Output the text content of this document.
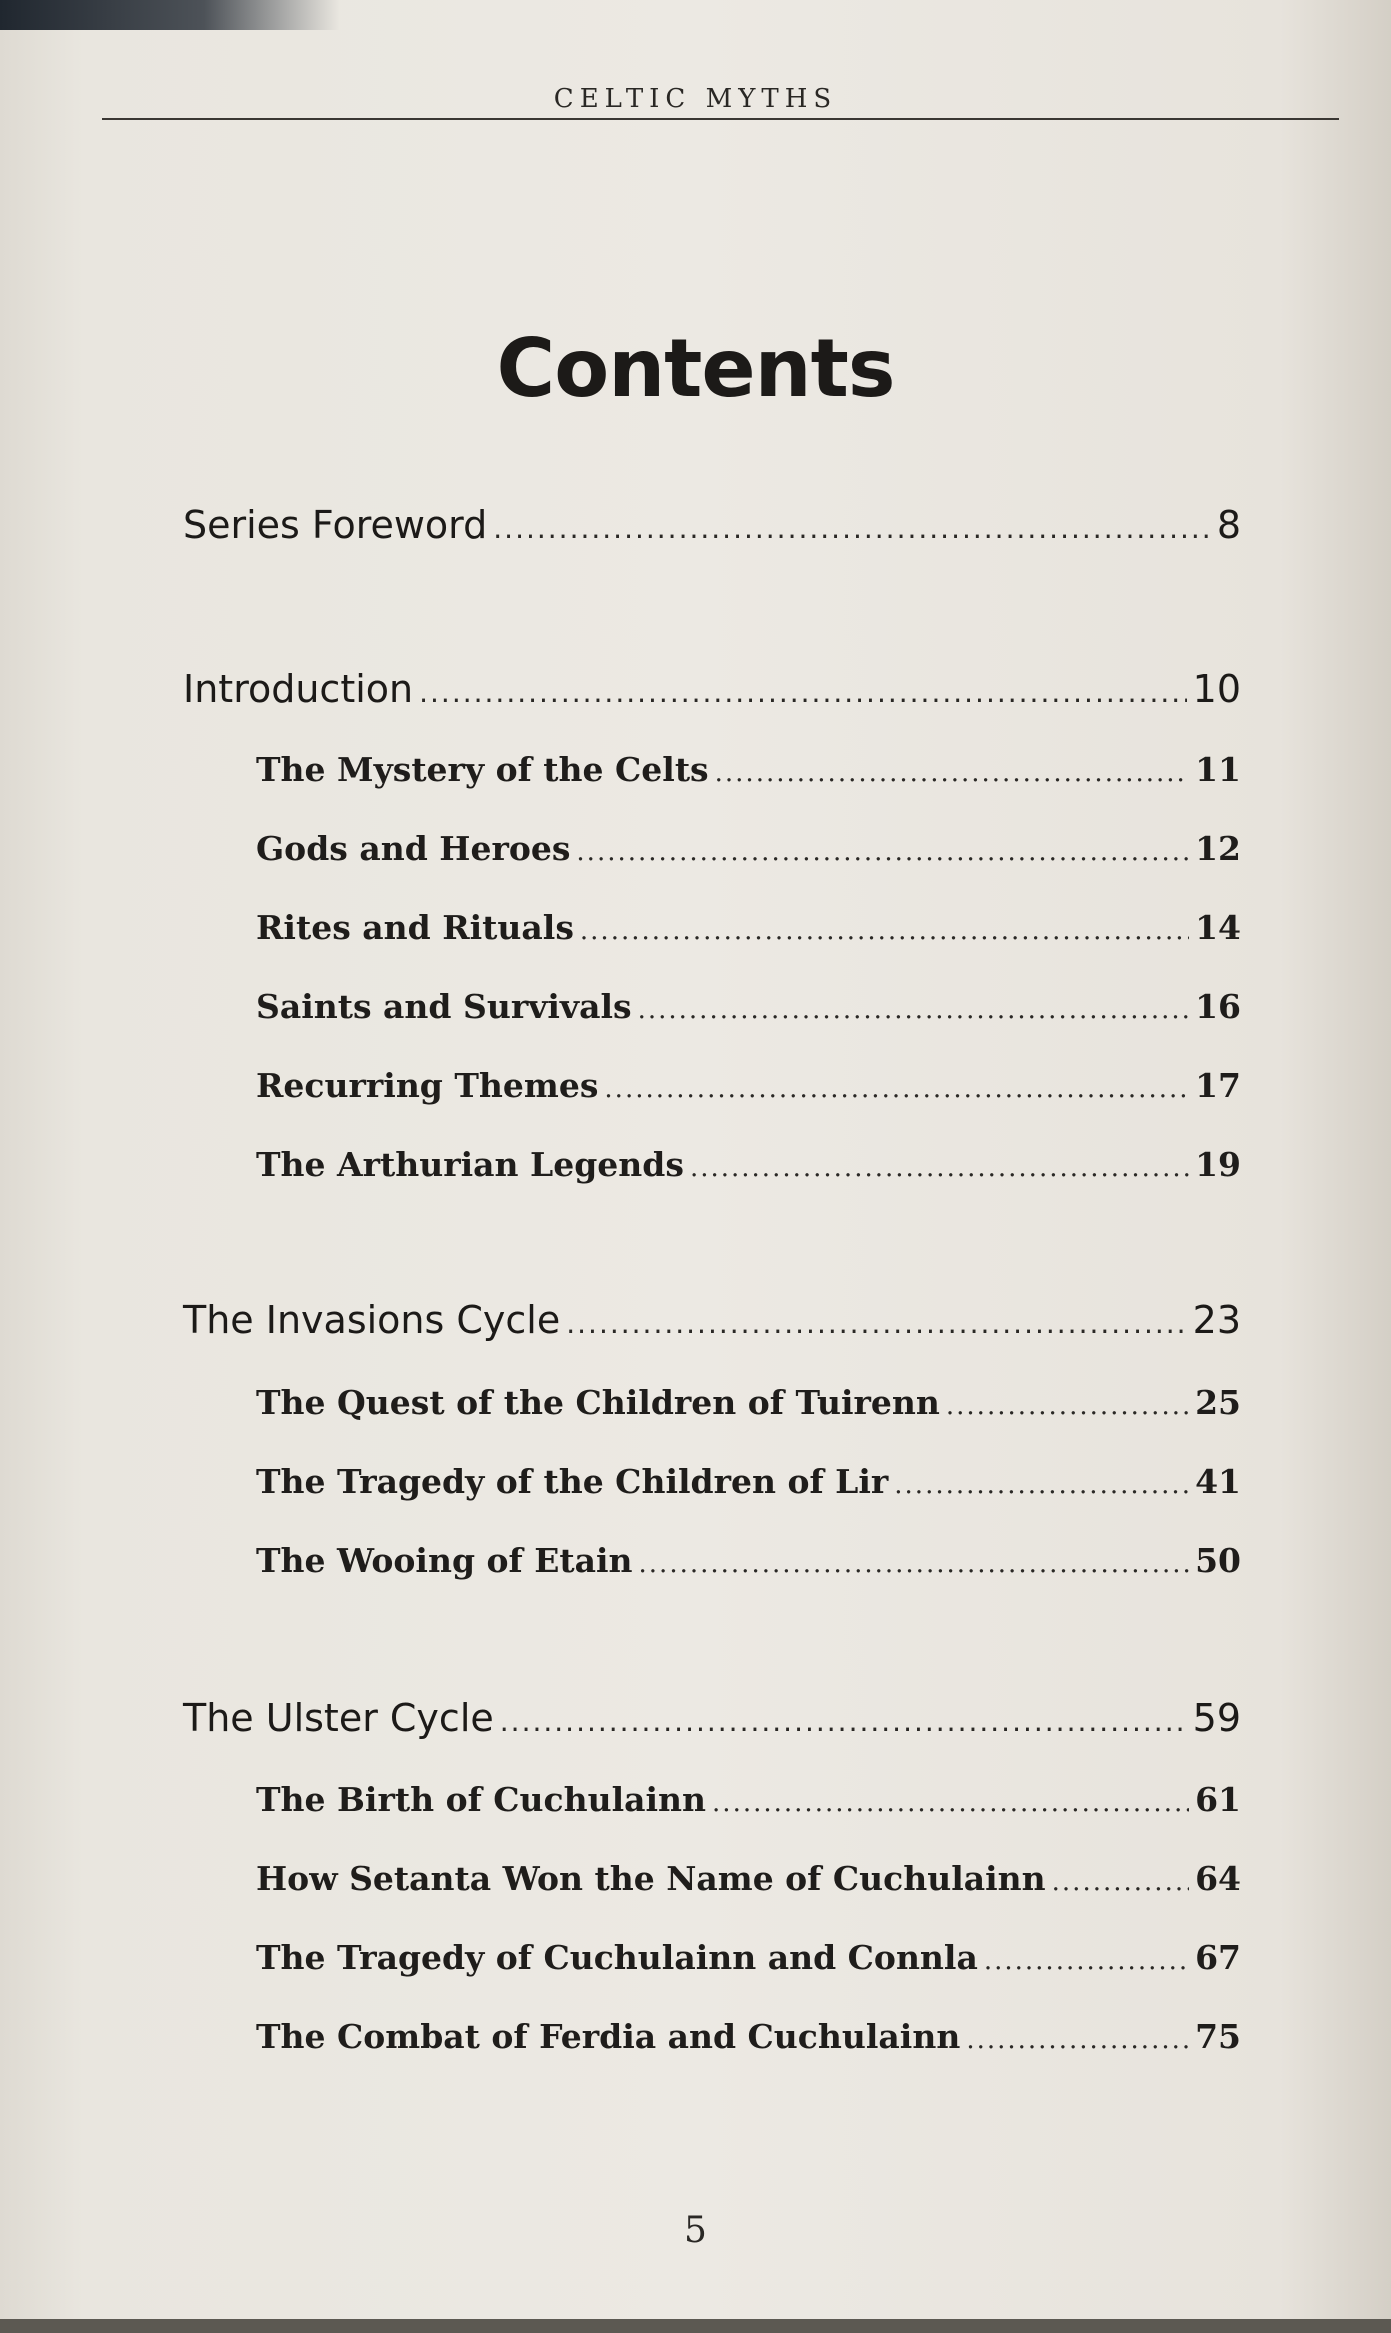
CELTIC MYTHS
Contents
Series Foreword .....	8
Introduction .....	10
The Mystery of the Celts .....	11
Gods and Heroes .....	12
Rites and Rituals .....	14
Saints and Survivals .....	16
Recurring Themes .....	17
The Arthurian Legends .....	19
The Invasions Cycle .....	23
The Quest of the Children of Tuirenn .....	25
The Tragedy of the Children of Lir .....	41
The Wooing of Etain .....	50
The Ulster Cycle .....	59
The Birth of Cuchulainn .....	61
How Setanta Won the Name of Cuchulainn .....	64
The Tragedy of Cuchulainn and Connla .....	67
The Combat of Ferdia and Cuchulainn .....	75
5
